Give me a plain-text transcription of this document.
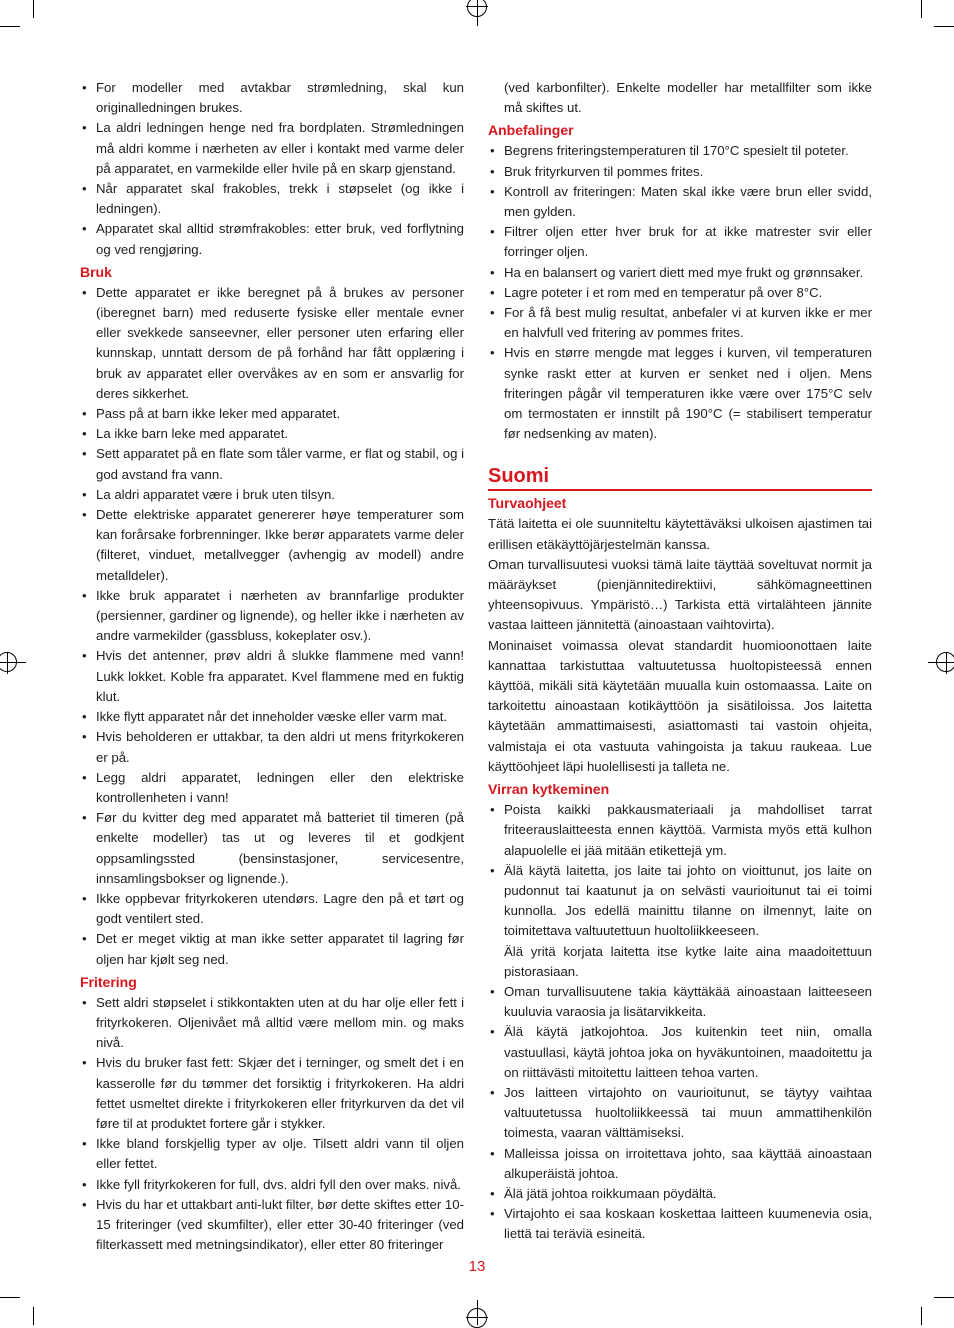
• For modeller med avtakbar strømledning, skal kun originalledningen brukes.
• La aldri ledningen henge ned fra bordplaten. Strømledningen må aldri komme i nærheten av eller i kontakt med varme deler på apparatet, en varmekilde eller hvile på en skarp gjenstand.
• Når apparatet skal frakobles, trekk i støpselet (og ikke i ledningen).
• Apparatet skal alltid strømfrakobles: etter bruk, ved forflytning og ved rengjøring.
Bruk
• Dette apparatet er ikke beregnet på å brukes av personer (iberegnet barn) med reduserte fysiske eller mentale evner eller svekkede sanseevner, eller personer uten erfaring eller kunnskap, unntatt dersom de på forhånd har fått opplæring i bruk av apparatet eller overvåkes av en som er ansvarlig for deres sikkerhet.
• Pass på at barn ikke leker med apparatet.
• La ikke barn leke med apparatet.
• Sett apparatet på en flate som tåler varme, er flat og stabil, og i god avstand fra vann.
• La aldri apparatet være i bruk uten tilsyn.
• Dette elektriske apparatet genererer høye temperaturer som kan forårsake forbrenninger. Ikke berør apparatets varme deler (filteret, vinduet, metallvegger (avhengig av modell) andre metalldeler).
• Ikke bruk apparatet i nærheten av brannfarlige produkter (persienner, gardiner og lignende), og heller ikke i nærheten av andre varmekilder (gassbluss, kokeplater osv.).
• Hvis det antenner, prøv aldri å slukke flammene med vann! Lukk lokket. Koble fra apparatet. Kvel flammene med en fuktig klut.
• Ikke flytt apparatet når det inneholder væske eller varm mat.
• Hvis beholderen er uttakbar, ta den aldri ut mens frityrkokeren er på.
• Legg aldri apparatet, ledningen eller den elektriske kontrollenheten i vann!
• Før du kvitter deg med apparatet må batteriet til timeren (på enkelte modeller) tas ut og leveres til et godkjent oppsamlingssted (bensinstasjoner, servicesentre, innsamlingsbokser og lignende.).
• Ikke oppbevar frityrkokeren utendørs. Lagre den på et tørt og godt ventilert sted.
• Det er meget viktig at man ikke setter apparatet til lagring før oljen har kjølt seg ned.
Fritering
• Sett aldri støpselet i stikkontakten uten at du har olje eller fett i frityrkokeren. Oljenivået må alltid være mellom min. og maks nivå.
• Hvis du bruker fast fett: Skjær det i terninger, og smelt det i en kasserolle før du tømmer det forsiktig i frityrkokeren. Ha aldri fettet usmeltet direkte i frityrkokeren eller frityrkurven da det vil føre til at produktet fortere går i stykker.
• Ikke bland forskjellig typer av olje. Tilsett aldri vann til oljen eller fettet.
• Ikke fyll frityrkokeren for full, dvs. aldri fyll den over maks. nivå.
• Hvis du har et uttakbart anti-lukt filter, bør dette skiftes etter 10-15 friteringer (ved skumfilter), eller etter 30-40 friteringer (ved filterkassett med metningsindikator), eller etter 80 friteringer

(ved karbonfilter). Enkelte modeller har metallfilter som ikke må skiftes ut.

Anbefalinger
• Begrens friteringstemperaturen til 170°C spesielt til poteter.
• Bruk frityrkurven til pommes frites.
• Kontroll av friteringen: Maten skal ikke være brun eller svidd, men gylden.
• Filtrer oljen etter hver bruk for at ikke matrester svir eller forringer oljen.
• Ha en balansert og variert diett med mye frukt og grønnsaker.
• Lagre poteter i et rom med en temperatur på over 8°C.
• For å få best mulig resultat, anbefaler vi at kurven ikke er mer en halvfull ved fritering av pommes frites.
• Hvis en større mengde mat legges i kurven, vil temperaturen synke raskt etter at kurven er senket ned i oljen. Mens friteringen pågår vil temperaturen ikke være over 175°C selv om termostaten er innstilt på 190°C (= stabilisert temperatur før nedsenking av maten).
Suomi
Turvaohjeet

Tätä laitetta ei ole suunniteltu käytettäväksi ulkoisen ajastimen tai erillisen etäkäyttöjärjestelmän kanssa.

Oman turvallisuutesi vuoksi tämä laite täyttää soveltuvat normit ja määräykset (pienjännitedirektiivi, sähkömagneettinen yhteensopivuus. Ympäristö…) Tarkista että virtalähteen jännite vastaa laitteen jännitettä (ainoastaan vaihtovirta).

Moninaiset voimassa olevat standardit huomioonottaen laite kannattaa tarkistuttaa valtuutetussa huoltopisteessä ennen käyttöä, mikäli sitä käytetään muualla kuin ostomaassa. Laite on tarkoitettu ainoastaan kotikäyttöön ja sisätiloissa. Jos laitetta käytetään ammattimaisesti, asiattomasti tai vastoin ohjeita, valmistaja ei ota vastuuta vahingoista ja takuu raukeaa. Lue käyttöohjeet läpi huolellisesti ja talleta ne.

Virran kytkeminen
• Poista kaikki pakkausmateriaali ja mahdolliset tarrat friteerauslaitteesta ennen käyttöä. Varmista myös että kulhon alapuolelle ei jää mitään etikettejä ym.
• Älä käytä laitetta, jos laite tai johto on vioittunut, jos laite on pudonnut tai kaatunut ja on selvästi vaurioitunut tai ei toimi kunnolla. Jos edellä mainittu tilanne on ilmennyt, laite on toimitettava valtuutettuun huoltoliikkeeseen.

Älä yritä korjata laitetta itse kytke laite aina maadoitettuun pistorasiaan.

• Oman turvallisuutene takia käyttäkää ainoastaan laitteeseen kuuluvia varaosia ja lisätarvikkeita.
• Älä käytä jatkojohtoa. Jos kuitenkin teet niin, omalla vastuullasi, käytä johtoa joka on hyväkuntoinen, maadoitettu ja on riittävästi mitoitettu laitteen tehoa varten.
• Jos laitteen virtajohto on vaurioitunut, se täytyy vaihtaa valtuutetussa huoltoliikkeessä tai muun ammattihenkilön toimesta, vaaran välttämiseksi.
• Malleissa joissa on irroitettava johto, saa käyttää ainoastaan alkuperäistä johtoa.
• Älä jätä johtoa roikkumaan pöydältä.
• Virtajohto ei saa koskaan koskettaa laitteen kuumenevia osia, liettä tai teräviä esineitä.
13
